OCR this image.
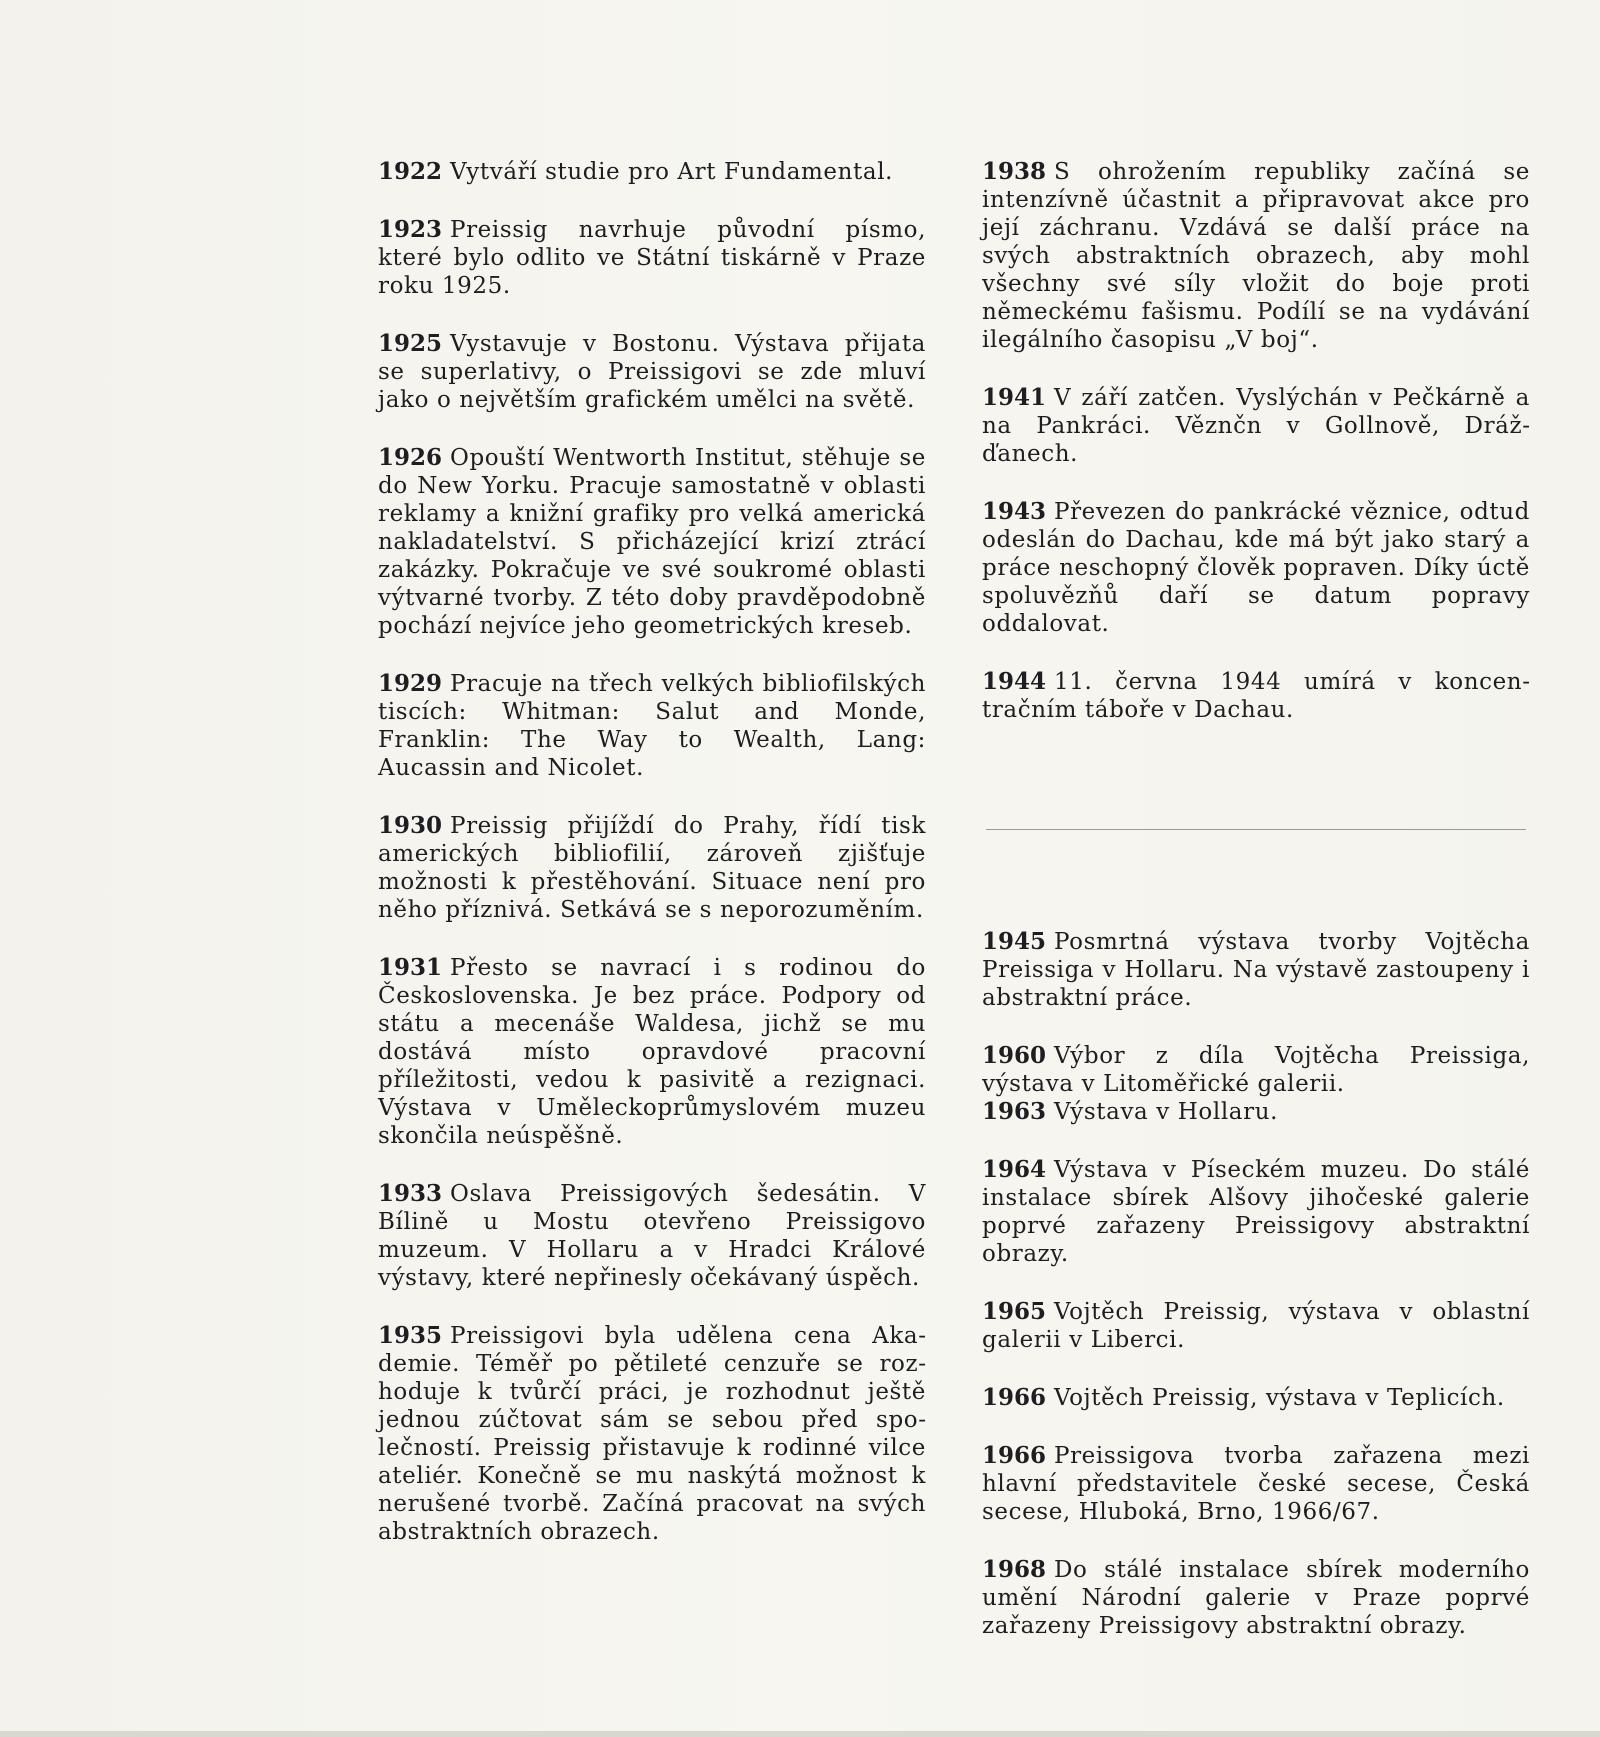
1922 Vytváří studie pro Art Fundamental.

1923 Preissig navrhuje původní písmo, které bylo odlito ve Státní tiskárně v Praze roku 1925.

1925 Vystavuje v Bostonu. Výstava přijata se superlativy, o Preissigovi se zde mluví jako o největším grafickém umělci na světě.

1926 Opouští Wentworth Institut, stěhuje se do New Yorku. Pracuje samostatně v oblasti reklamy a knižní grafiky pro velká americká nakladatelství. S přicházející krizí ztrácí zakázky. Pokračuje ve své soukromé oblasti výtvarné tvorby. Z této doby pravděpodobně pochází nejvíce jeho geometrických kreseb.

1929 Pracuje na třech velkých bibliofilských tiscích: Whitman: Salut and Monde, Franklin: The Way to Wealth, Lang: Aucassin and Nicolet.

1930 Preissig přijíždí do Prahy, řídí tisk amerických bibliofilií, zároveň zjišťuje možnosti k přestěhování. Situace není pro něho příznivá. Setkává se s neporozuměním.

1931 Přesto se navrací i s rodinou do Československa. Je bez práce. Podpory od státu a mecenáše Waldesa, jichž se mu dostává místo opravdové pracovní příležitosti, vedou k pasivitě a rezignaci. Výstava v Uměleckoprůmyslovém muzeu skončila neúspěšně.

1933 Oslava Preissigových šedesátin. V Bílině u Mostu otevřeno Preissigovo muzeum. V Hollaru a v Hradci Králové výstavy, které nepřinesly očekávaný úspěch.

1935 Preissigovi byla udělena cena Akademie. Téměř po pětileté cenzuře se rozhoduje k tvůrčí práci, je rozhodnut ještě jednou zúčtovat sám se sebou před společností. Preissig přistavuje k rodinné vilce ateliér. Konečně se mu naskýtá možnost k nerušené tvorbě. Začíná pracovat na svých abstraktních obrazech.

1938 S ohrožením republiky začíná se intenzívně účastnit a připravovat akce pro její záchranu. Vzdává se další práce na svých abstraktních obrazech, aby mohl všechny své síly vložit do boje proti německému fašismu. Podílí se na vydávání ilegálního časopisu „V boj“.

1941 V září zatčen. Vyslýchán v Pečkárně a na Pankráci. Věznčn v Gollnově, Drážďanech.

1943 Převezen do pankrácké věznice, odtud odeslán do Dachau, kde má být jako starý a práce neschopný člověk popraven. Díky úctě spoluvězňů daří se datum popravy oddalovat.

1944 11. června 1944 umírá v koncentračním táboře v Dachau.

1945 Posmrtná výstava tvorby Vojtěcha Preissiga v Hollaru. Na výstavě zastoupeny i abstraktní práce.

1960 Výbor z díla Vojtěcha Preissiga, výstava v Litoměřické galerii.

1963 Výstava v Hollaru.

1964 Výstava v Píseckém muzeu. Do stálé instalace sbírek Alšovy jihočeské galerie poprvé zařazeny Preissigovy abstraktní obrazy.

1965 Vojtěch Preissig, výstava v oblastní galerii v Liberci.

1966 Vojtěch Preissig, výstava v Teplicích.

1966 Preissigova tvorba zařazena mezi hlavní představitele české secese, Česká secese, Hluboká, Brno, 1966/67.

1968 Do stálé instalace sbírek moderního umění Národní galerie v Praze poprvé zařazeny Preissigovy abstraktní obrazy.
